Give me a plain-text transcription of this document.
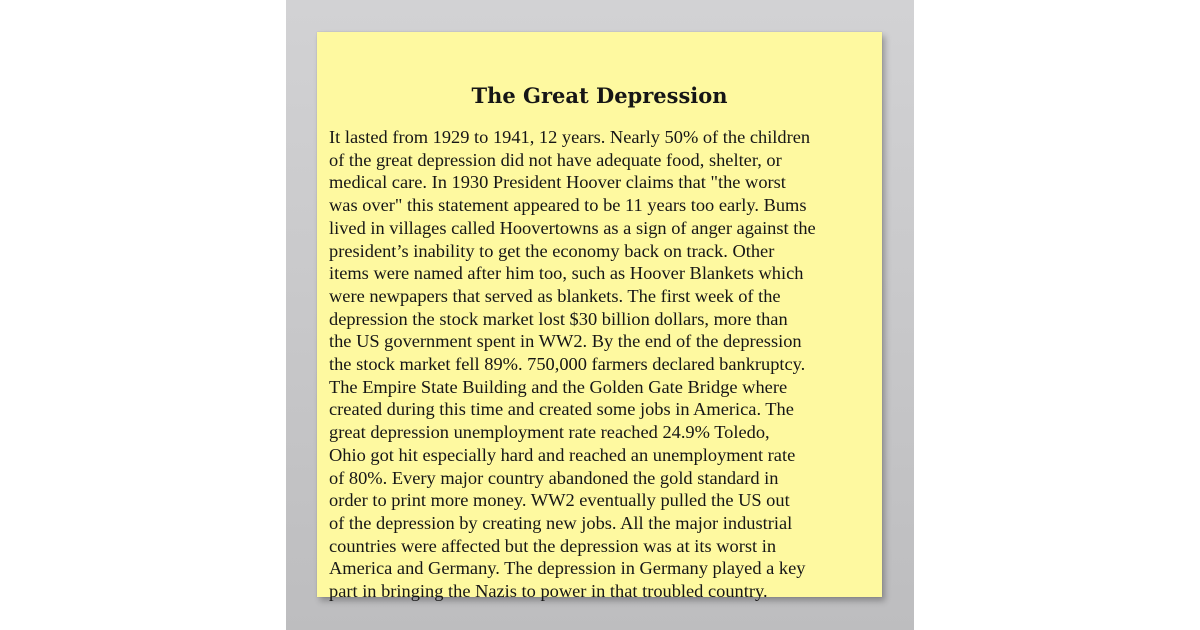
The Great Depression
It lasted from 1929 to 1941, 12 years. Nearly 50% of the children
of the great depression did not have adequate food, shelter, or
medical care. In 1930 President Hoover claims that "the worst
was over" this statement appeared to be 11 years too early. Bums
lived in villages called Hoovertowns as a sign of anger against the
president’s inability to get the economy back on track. Other
items were named after him too, such as Hoover Blankets which
were newpapers that served as blankets. The first week of the
depression the stock market lost $30 billion dollars, more than
the US government spent in WW2. By the end of the depression
the stock market fell 89%. 750,000 farmers declared bankruptcy.
The Empire State Building and the Golden Gate Bridge where
created during this time and created some jobs in America. The
great depression unemployment rate reached 24.9% Toledo,
Ohio got hit especially hard and reached an unemployment rate
of 80%. Every major country abandoned the gold standard in
order to print more money. WW2 eventually pulled the US out
of the depression by creating new jobs. All the major industrial
countries were affected but the depression was at its worst in
America and Germany. The depression in Germany played a key
part in bringing the Nazis to power in that troubled country.
